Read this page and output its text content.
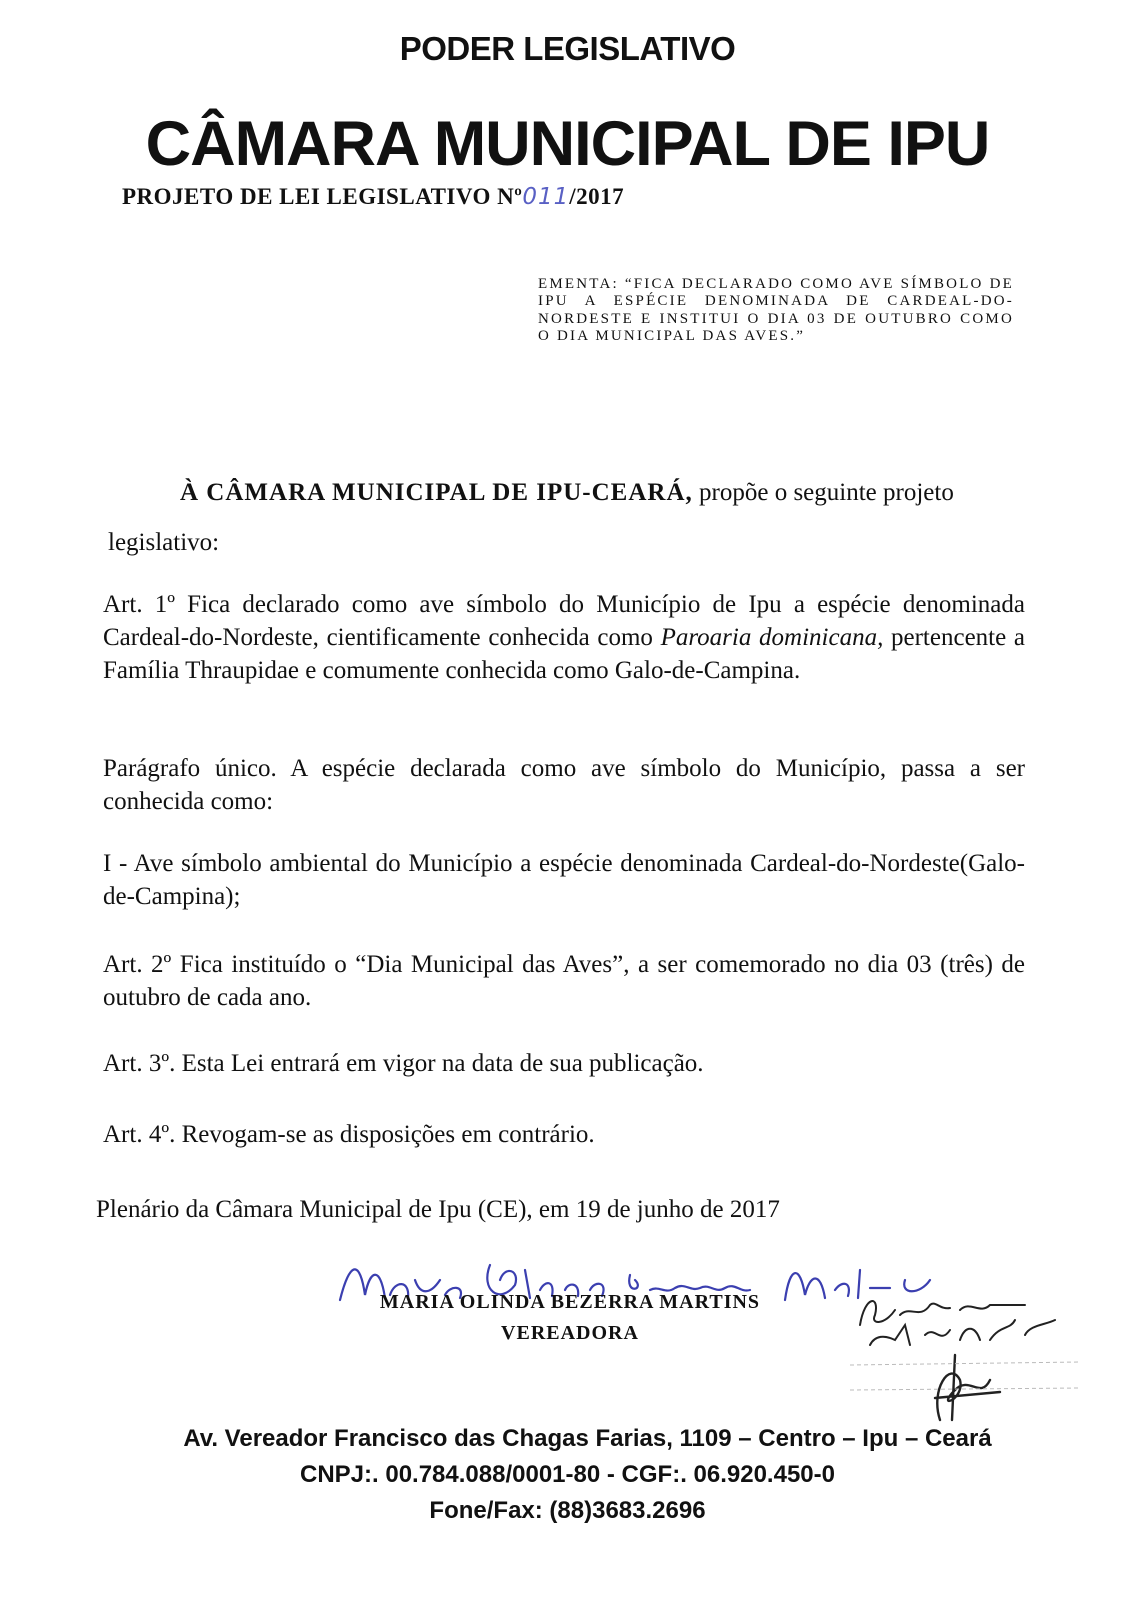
PODER LEGISLATIVO
CÂMARA MUNICIPAL DE IPU
PROJETO DE LEI LEGISLATIVO Nº011/2017
EMENTA: “FICA DECLARADO COMO AVE SÍMBOLO DE IPU A ESPÉCIE DENOMINADA DE CARDEAL-DO-NORDESTE E INSTITUI O DIA 03 DE OUTUBRO COMO O DIA MUNICIPAL DAS AVES.”
À CÂMARA MUNICIPAL DE IPU-CEARÁ, propõe o seguinte projeto
legislativo:
Art. 1º Fica declarado como ave símbolo do Município de Ipu a espécie denominada Cardeal-do-Nordeste, cientificamente conhecida como Paroaria dominicana, pertencente a Família Thraupidae e comumente conhecida como Galo-de-Campina.
Parágrafo único. A espécie declarada como ave símbolo do Município, passa a ser conhecida como:
I - Ave símbolo ambiental do Município a espécie denominada Cardeal-do-Nordeste(Galo-de-Campina);
Art. 2º Fica instituído o “Dia Municipal das Aves”, a ser comemorado no dia 03 (três) de outubro de cada ano.
Art. 3º. Esta Lei entrará em vigor na data de sua publicação.
Art. 4º. Revogam-se as disposições em contrário.
Plenário da Câmara Municipal de Ipu (CE), em 19 de junho de 2017
MARIA OLINDA BEZERRA MARTINS
VEREADORA
Av. Vereador Francisco das Chagas Farias, 1109 – Centro – Ipu – Ceará
CNPJ:. 00.784.088/0001-80 - CGF:. 06.920.450-0
Fone/Fax: (88)3683.2696
